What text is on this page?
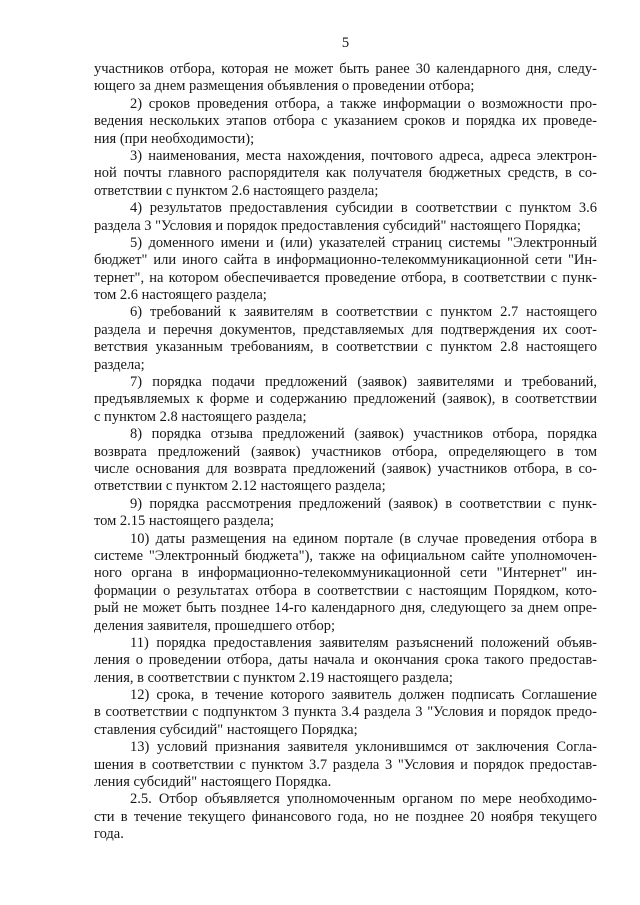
5
участников отбора, которая не может быть ранее 30 календарного дня, следу-
ющего за днем размещения объявления о проведении отбора;
2) сроков проведения отбора, а также информации о возможности про-
ведения нескольких этапов отбора с указанием сроков и порядка их проведе-
ния (при необходимости);
3) наименования, места нахождения, почтового адреса, адреса электрон-
ной почты главного распорядителя как получателя бюджетных средств, в со-
ответствии с пунктом 2.6 настоящего раздела;
4) результатов предоставления субсидии в соответствии с пунктом 3.6
раздела 3 "Условия и порядок предоставления субсидий" настоящего Порядка;
5) доменного имени и (или) указателей страниц системы "Электронный
бюджет" или иного сайта в информационно-телекоммуникационной сети "Ин-
тернет", на котором обеспечивается проведение отбора, в соответствии с пунк-
том 2.6 настоящего раздела;
6) требований к заявителям в соответствии с пунктом 2.7 настоящего
раздела и перечня документов, представляемых для подтверждения их соот-
ветствия указанным требованиям, в соответствии с пунктом 2.8 настоящего
раздела;
7) порядка подачи предложений (заявок) заявителями и требований,
предъявляемых к форме и содержанию предложений (заявок), в соответствии
с пунктом 2.8 настоящего раздела;
8) порядка отзыва предложений (заявок) участников отбора, порядка
возврата предложений (заявок) участников отбора, определяющего в том
числе основания для возврата предложений (заявок) участников отбора, в со-
ответствии с пунктом 2.12 настоящего раздела;
9) порядка рассмотрения предложений (заявок) в соответствии с пунк-
том 2.15 настоящего раздела;
10) даты размещения на едином портале (в случае проведения отбора в
системе "Электронный бюджета"), также на официальном сайте уполномочен-
ного органа в информационно-телекоммуникационной сети "Интернет" ин-
формации о результатах отбора в соответствии с настоящим Порядком, кото-
рый не может быть позднее 14-го календарного дня, следующего за днем опре-
деления заявителя, прошедшего отбор;
11) порядка предоставления заявителям разъяснений положений объяв-
ления о проведении отбора, даты начала и окончания срока такого предостав-
ления, в соответствии с пунктом 2.19 настоящего раздела;
12) срока, в течение которого заявитель должен подписать Соглашение
в соответствии с подпунктом 3 пункта 3.4 раздела 3 "Условия и порядок предо-
ставления субсидий" настоящего Порядка;
13) условий признания заявителя уклонившимся от заключения Согла-
шения в соответствии с пунктом 3.7 раздела 3 "Условия и порядок предостав-
ления субсидий" настоящего Порядка.
2.5. Отбор объявляется уполномоченным органом по мере необходимо-
сти в течение текущего финансового года, но не позднее 20 ноября текущего
года.
